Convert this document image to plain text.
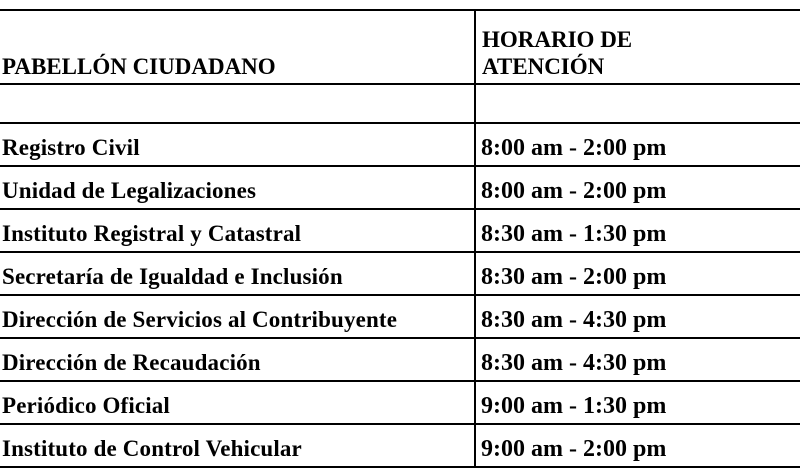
PABELLÓN CIUDADANO	HORARIO DE
ATENCIÓN

Registro Civil	8:00 am - 2:00 pm
Unidad de Legalizaciones	8:00 am - 2:00 pm
Instituto Registral y Catastral	8:30 am - 1:30 pm
Secretaría de Igualdad e Inclusión	8:30 am - 2:00 pm
Dirección de Servicios al Contribuyente	8:30 am - 4:30 pm
Dirección de Recaudación	8:30 am - 4:30 pm
Periódico Oficial	9:00 am - 1:30 pm
Instituto de Control Vehicular	9:00 am - 2:00 pm
